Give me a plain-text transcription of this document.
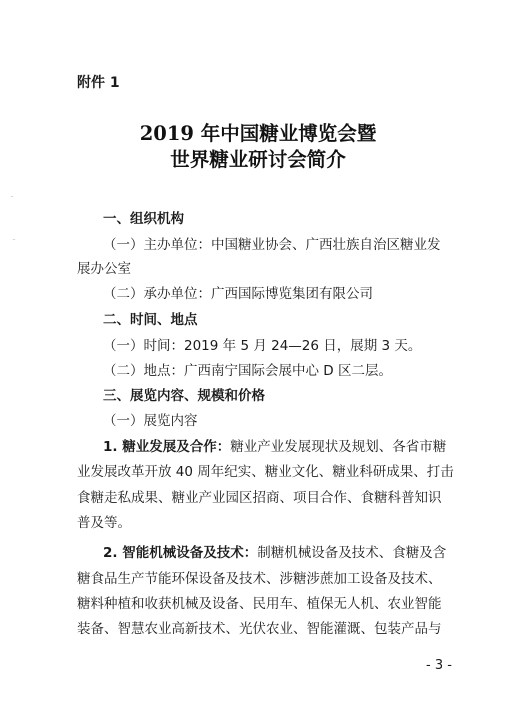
ˉ
ˉ
附件 1
2019 年中国糖业博览会暨
世界糖业研讨会简介
一、组织机构
（一）主办单位：中国糖业协会、广西壮族自治区糖业发
展办公室
（二）承办单位：广西国际博览集团有限公司
二、时间、地点
（一）时间：2019 年 5 月 24—26 日，展期 3 天。
（二）地点：广西南宁国际会展中心 D 区二层。
三、展览内容、规模和价格
（一）展览内容
1. 糖业发展及合作：糖业产业发展现状及规划、各省市糖
业发展改革开放 40 周年纪实、糖业文化、糖业科研成果、打击
食糖走私成果、糖业产业园区招商、项目合作、食糖科普知识
普及等。
2. 智能机械设备及技术：制糖机械设备及技术、食糖及含
糖食品生产节能环保设备及技术、涉糖涉蔗加工设备及技术、
糖料种植和收获机械及设备、民用车、植保无人机、农业智能
装备、智慧农业高新技术、光伏农业、智能灌溉、包装产品与
- 3 -
